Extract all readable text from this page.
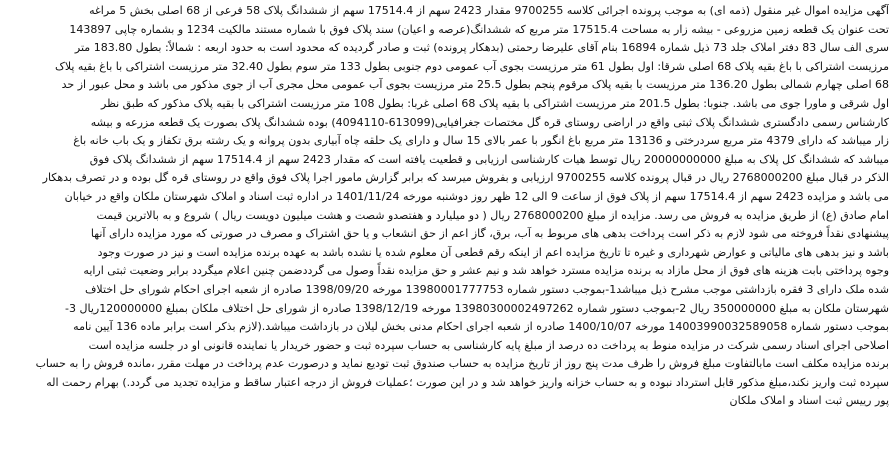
آگهی مزایده اموال غیر منقول (ذمه ای) به موجب پرونده اجرائی کلاسه 9700255 مقدار 2423 سهم از 17514.4 سهم از ششدانگ پلاک 58 فرعی از 68 اصلی بخش 5 مراغه
تحت عنوان یک قطعه زمین مزروعی - بیشه زار به مساحت 17515.4 متر مربع که ششدانگ(عرصه و اعیان) سند پلاک فوق با شماره مستند مالکیت 1234 و بشماره چاپی 143897
سری الف سال 83 دفتر املاک جلد 73 ذیل شماره 16894 بنام آقای علیرضا رحمتی (بدهکار پرونده) ثبت و صادر گردیده که محدود است به حدود اربعه : شمالاً: بطول 183.80 متر
مرزیست اشتراکی با باغ بقیه پلاک 68 اصلی شرقا: اول بطول 61 متر مرزیست بجوی آب عمومی دوم جنوبی بطول 133 متر سوم بطول 32.40 متر مرزیست اشتراکی با باغ بقیه پلاک
68 اصلی چهارم شمالی بطول 136.20 متر مرزیست با بقیه پلاک مرقوم پنجم بطول 25.5 متر مرزیست بجوی آب عمومی محل مجری آب از جوی مذکور می باشد و محل عبور از حد
اول شرقی و ماورا جوی می باشد. جنوبا: بطول 201.5 متر مرزیست اشتراکی با بقیه پلاک 68 اصلی غربا: بطول 108 متر مرزیست اشتراکی با بقیه پلاک مذکور که طبق نظر
کارشناس رسمی دادگستری ششدانگ پلاک ثبتی واقع در اراضی روستای قره گل مختصات جغرافیایی(613099-4094110) بوده ششدانگ پلاک بصورت یک قطعه مزرعه و بیشه
زار میباشد که دارای 4379 متر مربع سردرختی و 13136 متر مربع باغ انگور با عمر بالای 15 سال و دارای یک حلقه چاه آبیاری بدون پروانه و یک رشته برق تکفاز و یک باب خانه باغ
میباشد که ششدانگ کل پلاک به مبلغ 20000000000 ریال توسط هیات کارشناسی ارزیابی و قطعیت یافته است که مقدار 2423 سهم از 17514.4 سهم از ششدانگ پلاک فوق
الذکر در قبال مبلغ 2768000200 ریال در قبال پرونده کلاسه 9700255 ارزیابی و بفروش میرسد که برابر گزارش مامور اجرا پلاک فوق واقع در روستای قره گل بوده و در تصرف بدهکار
می باشد و مزایده 2423 سهم از 17514.4 سهم از پلاک فوق از ساعت 9 الی 12 ظهر روز دوشنبه مورخه 1401/11/24 در اداره ثبت اسناد و املاک شهرستان ملکان واقع در خیابان
امام صادق (ع) از طریق مزایده به فروش می رسد. مزایده از مبلغ 2768000200 ریال ( دو میلیارد و هفتصدو شصت و هشت میلیون دویست ریال ) شروع و به بالاترین قیمت
پیشنهادی نقداً فروخته می شود لازم به ذکر است پرداخت بدهی های مربوط به آب، برق، گاز اعم از حق انشعاب و یا حق اشتراک و مصرف در صورتی که مورد مزایده دارای آنها
باشد و نیز بدهی های مالیاتی و عوارض شهرداری و غیره تا تاریخ مزایده اعم از اینکه رقم قطعی آن معلوم شده یا نشده باشد به عهده برنده مزایده است و نیز در صورت وجود
وجوه پرداختی بابت هزینه های فوق از محل مازاد به برنده مزایده مسترد خواهد شد و نیم عشر و حق مزایده نقداً وصول می گرددضمن چنین اعلام میگردد برابر وضعیت ثبتی ارایه
شده ملک دارای 3 فقره بازداشتی موجب مشرح ذیل میباشد1-بموجب دستور شماره 13980001777753 مورخه 1398/09/20 صادره از شعبه اجرای احکام شورای حل اختلاف
شهرستان ملکان به مبلغ 350000000 ریال 2-بموجب دستور شماره 13980300002497262 مورخه 1398/12/19 صادره از شورای حل اختلاف ملکان بمبلغ 120000000ریال 3-
بموجب دستور شماره 14003990032589058 مورخه 1400/10/07 صادره از شعبه اجرای احکام مدنی بخش لیلان در بازداشت میباشد.(لازم بذکر است برابر ماده 136 آیین نامه
اصلاحی اجرای اسناد رسمی شرکت در مزایده منوط به پرداخت ده درصد از مبلغ پایه کارشناسی به حساب سپرده ثبت و حضور خریدار یا نماینده قانونی او در جلسه مزایده است
برنده مزایده مکلف است مابالتفاوت مبلغ فروش را ظرف مدت پنج روز از تاریخ مزایده به حساب صندوق ثبت تودیع نماید و درصورت عدم پرداخت در مهلت مقرر ،مانده فروش را به حساب
سپرده ثبت واریز نکند،مبلغ مذکور قابل استرداد نبوده و به حساب خزانه واریز خواهد شد و در این صورت ؛عملیات فروش از درجه اعتبار ساقط و مزایده تجدید می گردد.) بهرام رحمت اله
پور رییس ثبت اسناد و املاک ملکان
